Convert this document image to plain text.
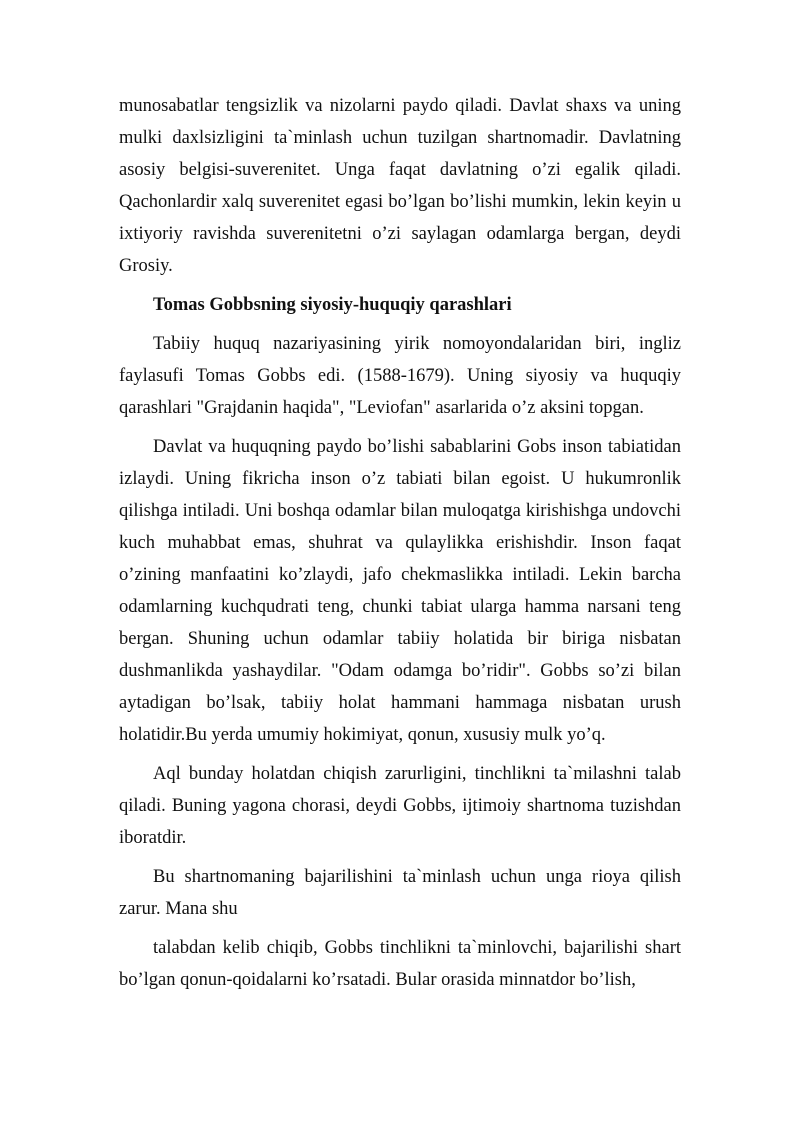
munosabatlar tengsizlik va nizolarni paydo qiladi. Davlat shaxs va uning mulki daxlsizligini ta`minlash uchun tuzilgan shartnomadir. Davlatning asosiy belgisi-suverenitet. Unga faqat davlatning o’zi egalik qiladi. Qachonlardir xalq suverenitet egasi bo’lgan bo’lishi mumkin, lekin keyin u ixtiyoriy ravishda suverenitetni o’zi saylagan odamlarga bergan, deydi Grosiy.

Tomas Gobbsning siyosiy-huquqiy qarashlari

Tabiiy huquq nazariyasining yirik nomoyondalaridan biri, ingliz faylasufi Tomas Gobbs edi. (1588-1679). Uning siyosiy va huquqiy qarashlari "Grajdanin haqida", "Leviofan" asarlarida o’z aksini topgan.

Davlat va huquqning paydo bo’lishi sabablarini Gobs inson tabiatidan izlaydi. Uning fikricha inson o’z tabiati bilan egoist. U hukumronlik qilishga intiladi. Uni boshqa odamlar bilan muloqatga kirishishga undovchi kuch muhabbat emas, shuhrat va qulaylikka erishishdir. Inson faqat o’zining manfaatini ko’zlaydi, jafo chekmaslikka intiladi. Lekin barcha odamlarning kuchqudrati teng, chunki tabiat ularga hamma narsani teng bergan. Shuning uchun odamlar tabiiy holatida bir biriga nisbatan dushmanlikda yashaydilar. "Odam odamga bo’ridir". Gobbs so’zi bilan aytadigan bo’lsak, tabiiy holat hammani hammaga nisbatan urush holatidir.Bu yerda umumiy hokimiyat, qonun, xususiy mulk yo’q.

Aql bunday holatdan chiqish zarurligini, tinchlikni ta`milashni talab qiladi. Buning yagona chorasi, deydi Gobbs, ijtimoiy shartnoma tuzishdan iboratdir.

Bu shartnomaning bajarilishini ta`minlash uchun unga rioya qilish zarur. Mana shu

talabdan kelib chiqib, Gobbs tinchlikni ta`minlovchi, bajarilishi shart bo’lgan qonun-qoidalarni ko’rsatadi. Bular orasida minnatdor bo’lish,
